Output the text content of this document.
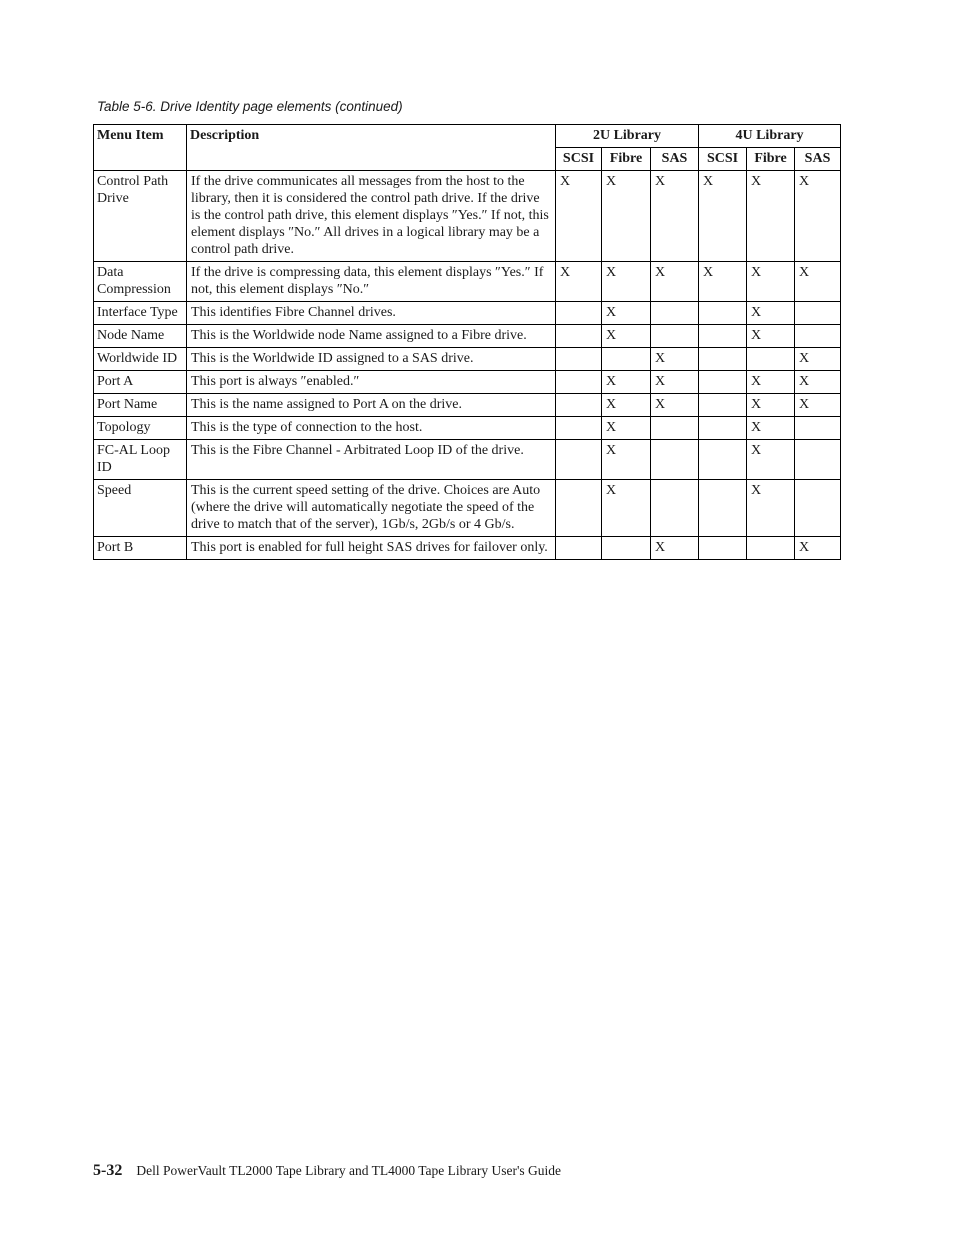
Table 5-6. Drive Identity page elements (continued)
Menu Item	Description	2U Library			4U Library		
		SCSI	Fibre	SAS	SCSI	Fibre	SAS
Control Path Drive	If the drive communicates all messages from the host to the library, then it is considered the control path drive. If the drive is the control path drive, this element displays ″Yes.″ If not, this element displays ″No.″ All drives in a logical library may be a control path drive.	X	X	X	X	X	X
Data Compression	If the drive is compressing data, this element displays ″Yes.″ If not, this element displays ″No.″	X	X	X	X	X	X
Interface Type	This identifies Fibre Channel drives.		X			X	
Node Name	This is the Worldwide node Name assigned to a Fibre drive.		X			X	
Worldwide ID	This is the Worldwide ID assigned to a SAS drive.			X			X
Port A	This port is always ″enabled.″		X	X		X	X
Port Name	This is the name assigned to Port A on the drive.		X	X		X	X
Topology	This is the type of connection to the host.		X			X	
FC-AL Loop ID	This is the Fibre Channel - Arbitrated Loop ID of the drive.		X			X	
Speed	This is the current speed setting of the drive. Choices are Auto (where the drive will automatically negotiate the speed of the drive to match that of the server), 1Gb/s, 2Gb/s or 4 Gb/s.		X			X	
Port B	This port is enabled for full height SAS drives for failover only.			X			X
5-32 Dell PowerVault TL2000 Tape Library and TL4000 Tape Library User's Guide
